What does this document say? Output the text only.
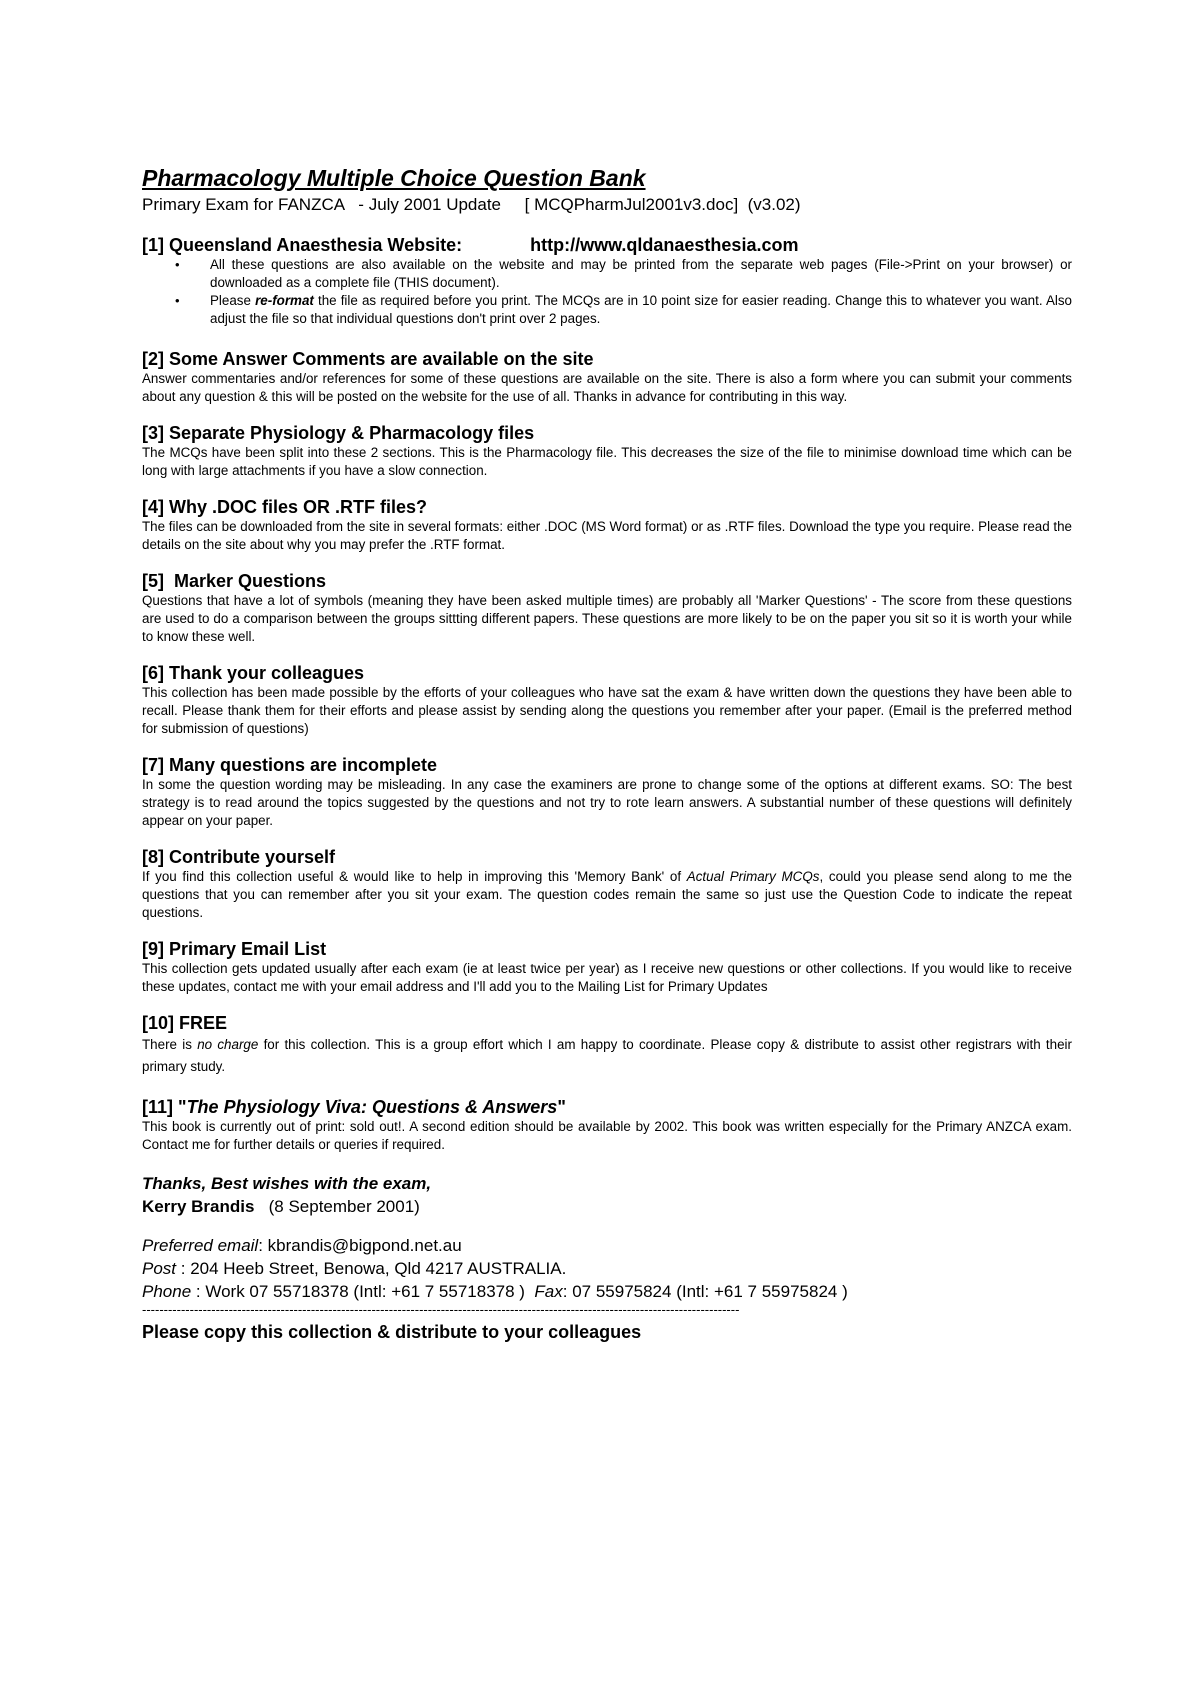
Pharmacology Multiple Choice Question Bank

Primary Exam for FANZCA   - July 2001 Update     [ MCQPharmJul2001v3.doc]  (v3.02)

[1] Queensland Anaesthesia Website:	http://www.qldanaesthesia.com

• All these questions are also available on the website and may be printed from the separate web pages (File->Print on your browser) or downloaded as a complete file (THIS document).
• Please re-format the file as required before you print. The MCQs are in 10 point size for easier reading. Change this to whatever you want. Also adjust the file so that individual questions don't print over 2 pages.

[2] Some Answer Comments are available on the site

Answer commentaries and/or references for some of these questions are available on the site. There is also a form where you can submit your comments about any question & this will be posted on the website for the use of all. Thanks in advance for contributing in this way.

[3] Separate Physiology & Pharmacology files

The MCQs have been split into these 2 sections. This is the Pharmacology file. This decreases the size of the file to minimise download time which can be long with large attachments if you have a slow connection.

[4] Why .DOC files OR .RTF files?

The files can be downloaded from the site in several formats: either .DOC (MS Word format) or as .RTF files. Download the type you require. Please read the details on the site about why you may prefer the .RTF format.

[5]  Marker Questions

Questions that have a lot of symbols (meaning they have been asked multiple times) are probably all 'Marker Questions' - The score from these questions are used to do a comparison between the groups sittting different papers. These questions are more likely to be on the paper you sit so it is worth your while to know these well.

[6] Thank your colleagues

This collection has been made possible by the efforts of your colleagues who have sat the exam & have written down the questions they have been able to recall. Please thank them for their efforts and please assist by sending along the questions you remember after your paper. (Email is the preferred method for submission of questions)

[7] Many questions are incomplete

In some the question wording may be misleading. In any case the examiners are prone to change some of the options at different exams. SO: The best strategy is to read around the topics suggested by the questions and not try to rote learn answers. A substantial number of these questions will definitely appear on your paper.

[8] Contribute yourself

If you find this collection useful & would like to help in improving this 'Memory Bank' of Actual Primary MCQs, could you please send along to me the questions that you can remember after you sit your exam. The question codes remain the same so just use the Question Code to indicate the repeat questions.

[9] Primary Email List

This collection gets updated usually after each exam (ie at least twice per year) as I receive new questions or other collections. If you would like to receive these updates, contact me with your email address and I'll add you to the Mailing List for Primary Updates

[10] FREE

There is no charge for this collection. This is a group effort which I am happy to coordinate. Please copy & distribute to assist other registrars with their primary study.

[11] "The Physiology Viva: Questions & Answers"

This book is currently out of print: sold out!. A second edition should be available by 2002. This book was written especially for the Primary ANZCA exam. Contact me for further details or queries if required.

Thanks, Best wishes with the exam,
Kerry Brandis   (8 September 2001)
Preferred email: kbrandis@bigpond.net.au
Post : 204 Heeb Street, Benowa, Qld 4217 AUSTRALIA.
Phone : Work 07 55718378 (Intl: +61 7 55718378 )  Fax: 07 55975824 (Intl: +61 7 55975824 )
------------------------------------------------------------------------------------------------------------------------------------------
Please copy this collection & distribute to your colleagues
